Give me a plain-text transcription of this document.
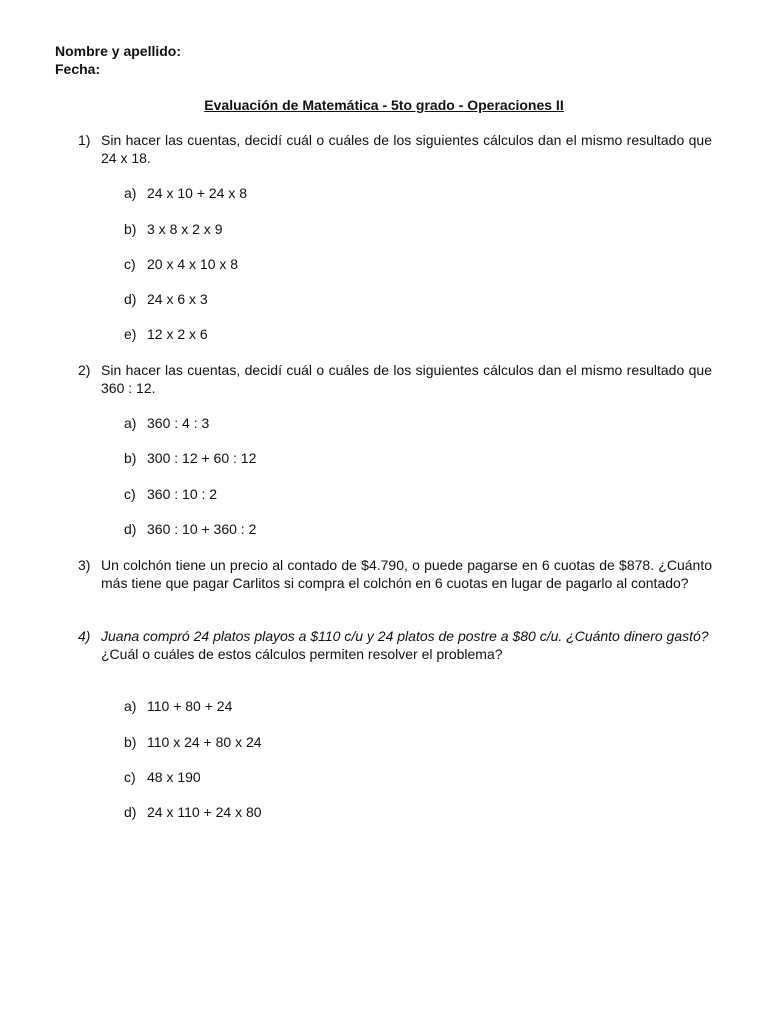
Nombre y apellido:
Fecha:
Evaluación de Matemática - 5to grado - Operaciones II
1) Sin hacer las cuentas, decidí cuál o cuáles de los siguientes cálculos dan el mismo resultado que 24 x 18.
a) 24 x 10 + 24 x 8
b) 3 x 8 x 2 x 9
c) 20 x 4 x 10 x 8
d) 24 x 6 x 3
e) 12 x 2 x 6
2) Sin hacer las cuentas, decidí cuál o cuáles de los siguientes cálculos dan el mismo resultado que 360 : 12.
a) 360 : 4 : 3
b) 300 : 12 + 60 : 12
c) 360 : 10 : 2
d) 360 : 10 + 360 : 2
3) Un colchón tiene un precio al contado de $4.790, o puede pagarse en 6 cuotas de $878. ¿Cuánto más tiene que pagar Carlitos si compra el colchón en 6 cuotas en lugar de pagarlo al contado?
4) Juana compró 24 platos playos a $110 c/u y 24 platos de postre a $80 c/u. ¿Cuánto dinero gastó?
¿Cuál o cuáles de estos cálculos permiten resolver el problema?
a) 110 + 80 + 24
b) 110 x 24 + 80 x 24
c) 48 x 190
d) 24 x 110 + 24 x 80
